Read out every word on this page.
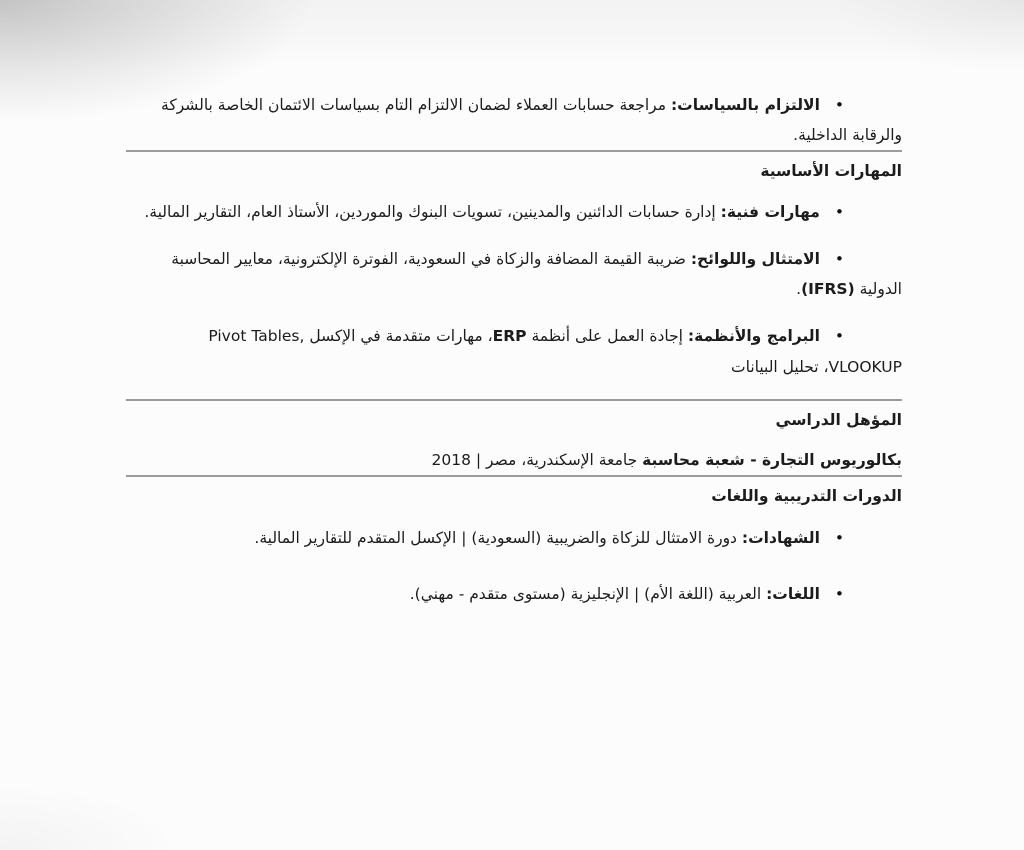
• الالتزام بالسياسات: مراجعة حسابات العملاء لضمان الالتزام التام بسياسات الائتمان الخاصة بالشركة والرقابة الداخلية.

المهارات الأساسية

• مهارات فنية: إدارة حسابات الدائنين والمدينين، تسويات البنوك والموردين، الأستاذ العام، التقارير المالية.

• الامتثال واللوائح: ضريبة القيمة المضافة والزكاة في السعودية، الفوترة الإلكترونية، معايير المحاسبة الدولية (IFRS).

• البرامج والأنظمة: إجادة العمل على أنظمة ERP، مهارات متقدمة في الإكسل Pivot Tables, VLOOKUP، تحليل البيانات

المؤهل الدراسي

بكالوريوس التجارة - شعبة محاسبة جامعة الإسكندرية، مصر | 2018

الدورات التدريبية واللغات

• الشهادات: دورة الامتثال للزكاة والضريبية (السعودية) | الإكسل المتقدم للتقارير المالية.

• اللغات: العربية (اللغة الأم) | الإنجليزية (مستوى متقدم - مهني).
